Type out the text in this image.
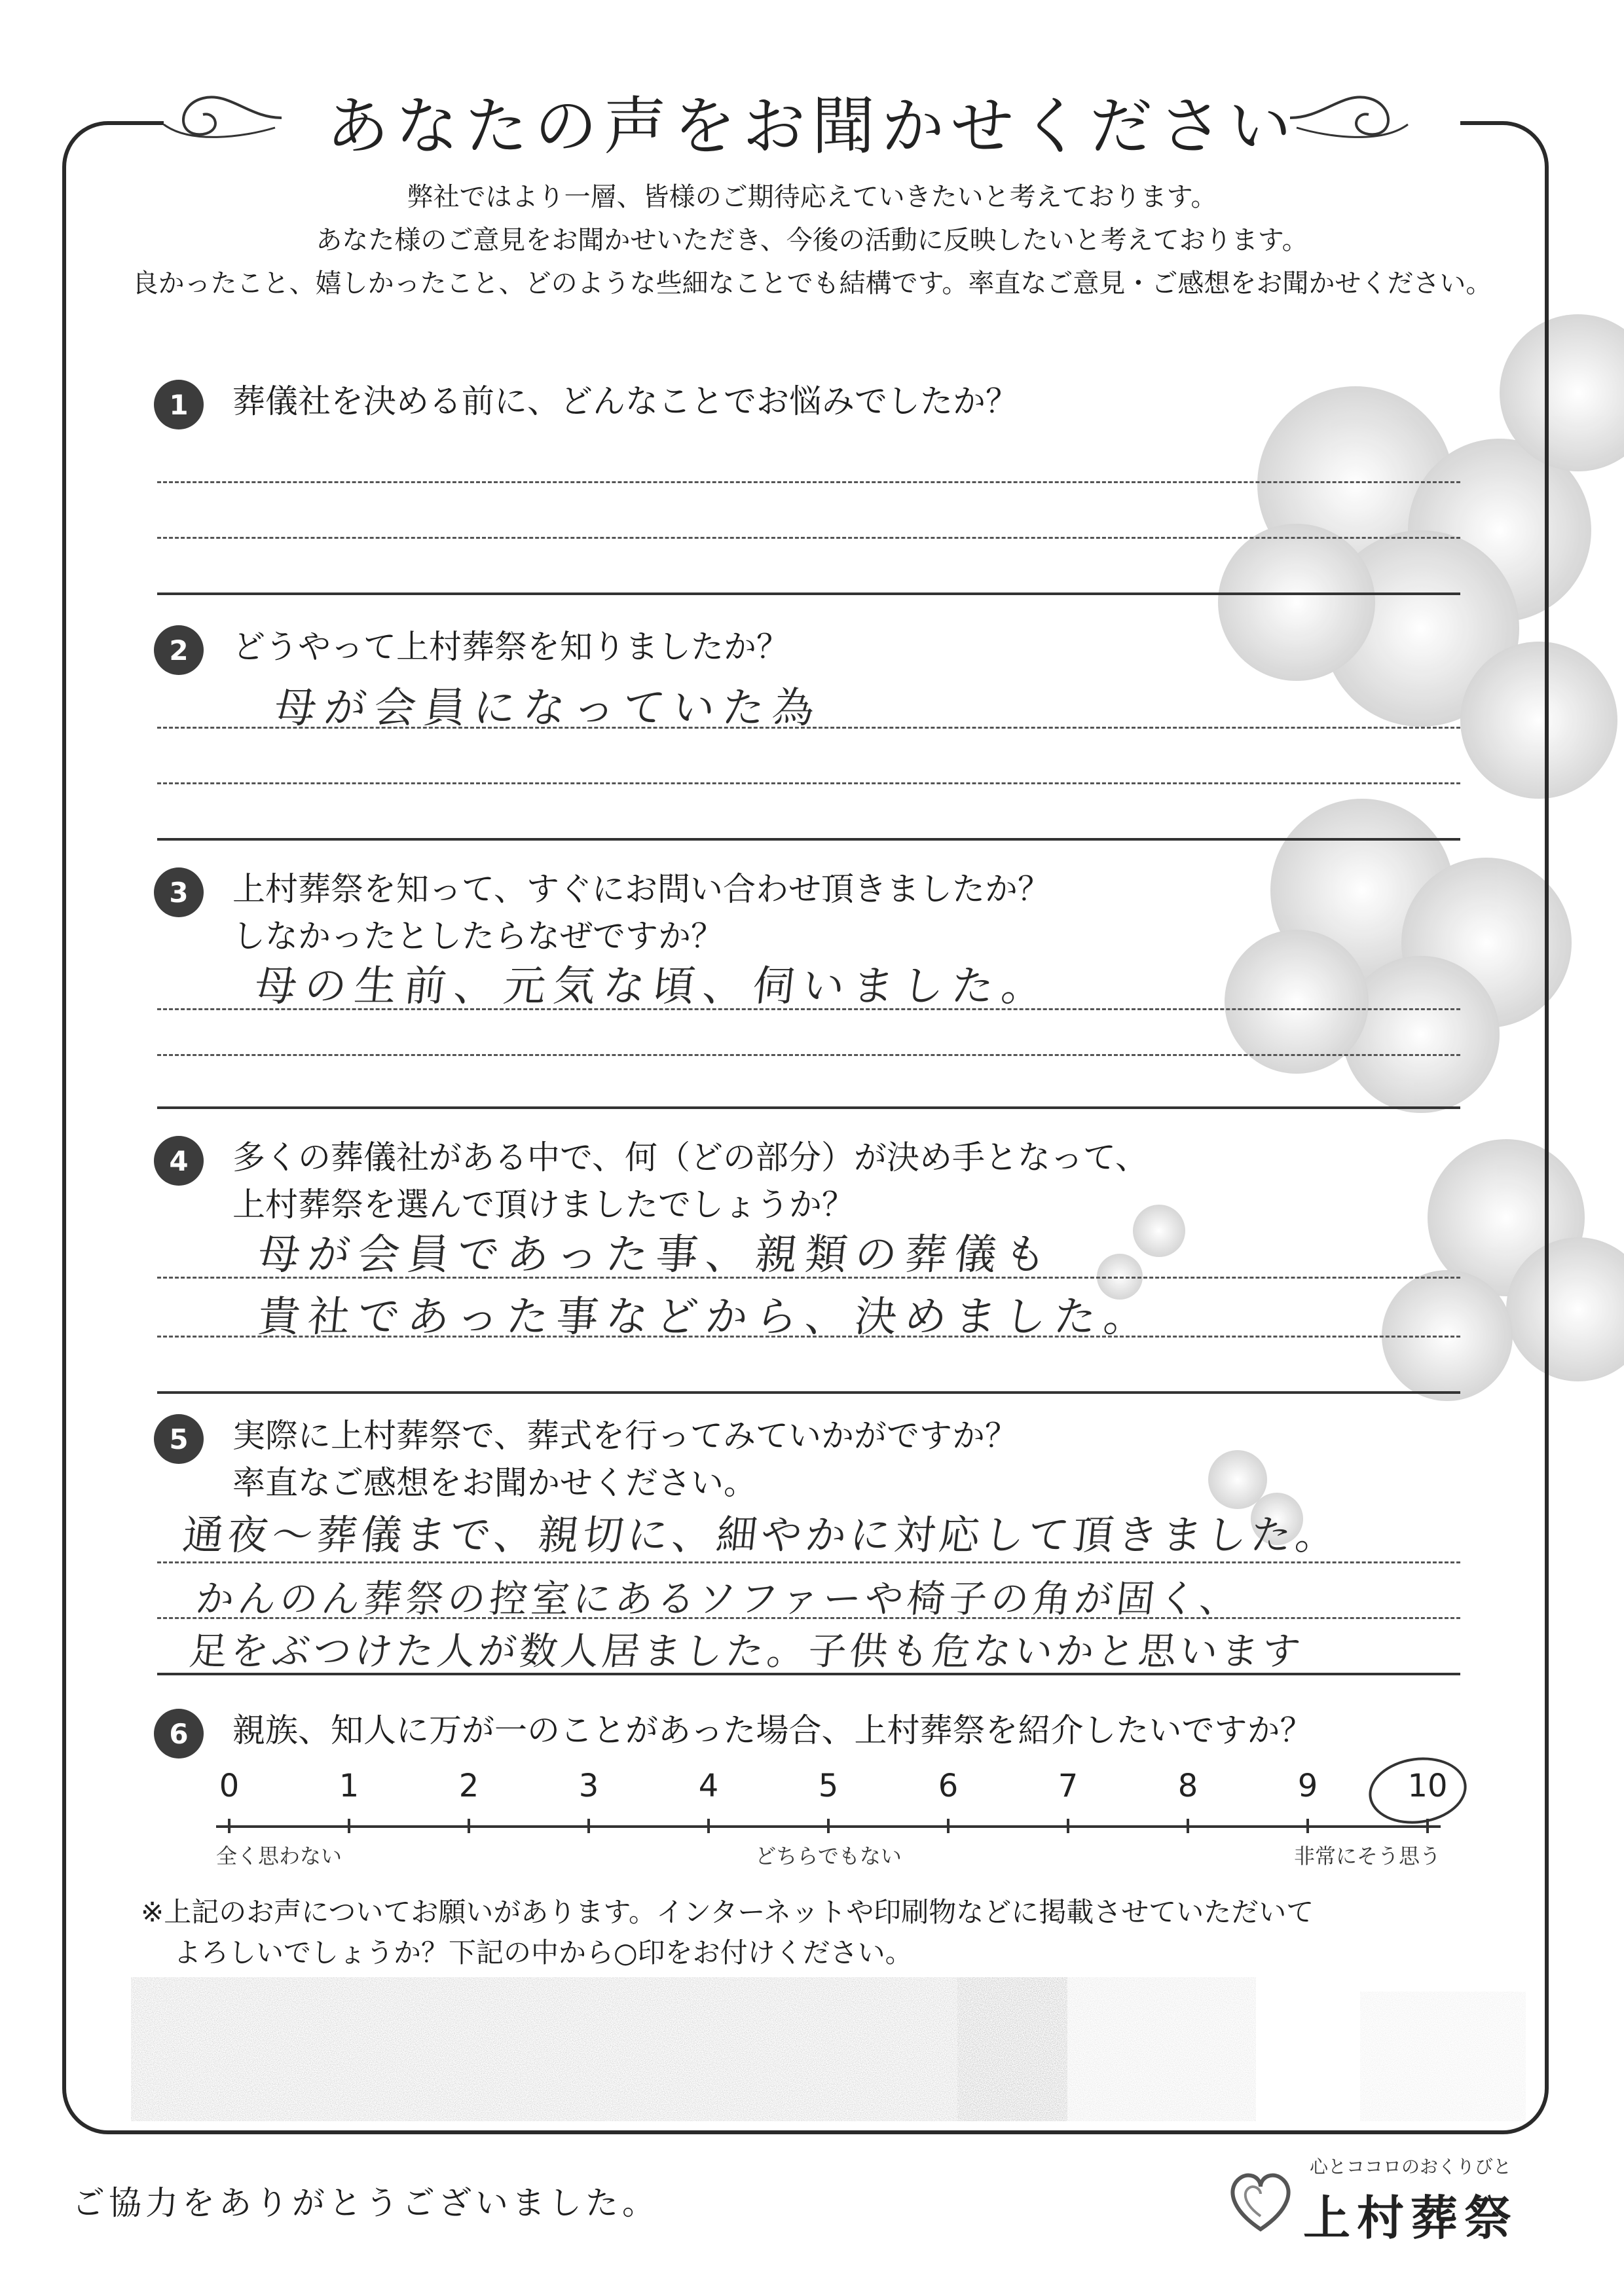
あなたの声をお聞かせください
弊社ではより一層、皆様のご期待応えていきたいと考えております。
あなた様のご意見をお聞かせいただき、今後の活動に反映したいと考えております。
良かったこと、嬉しかったこと、どのような些細なことでも結構です。率直なご意見・ご感想をお聞かせください。
1	葬儀社を決める前に、どんなことでお悩みでしたか？
2	どうやって上村葬祭を知りましたか？
母が会員になっていた為
3	上村葬祭を知って、すぐにお問い合わせ頂きましたか？
しなかったとしたらなぜですか？
母の生前、元気な頃、伺いました。
4	多くの葬儀社がある中で、何（どの部分）が決め手となって、
上村葬祭を選んで頂けましたでしょうか？
母が会員であった事、親類の葬儀も
貴社であった事などから、決めました。
5	実際に上村葬祭で、葬式を行ってみていかがですか？
率直なご感想をお聞かせください。
通夜～葬儀まで、親切に、細やかに対応して頂きました。
かんのん葬祭の控室にあるソファーや椅子の角が固く、
足をぶつけた人が数人居ました。子供も危ないかと思います
6	親族、知人に万が一のことがあった場合、上村葬祭を紹介したいですか？
全く思わない	どちらでもない	非常にそう思う
0	1	2	3	4	5	6	7	8	9	10
※上記のお声についてお願いがあります。インターネットや印刷物などに掲載させていただいて
よろしいでしょうか？下記の中から○印をお付けください。
ご協力をありがとうございました。
心とココロのおくりびと
上村葬祭
